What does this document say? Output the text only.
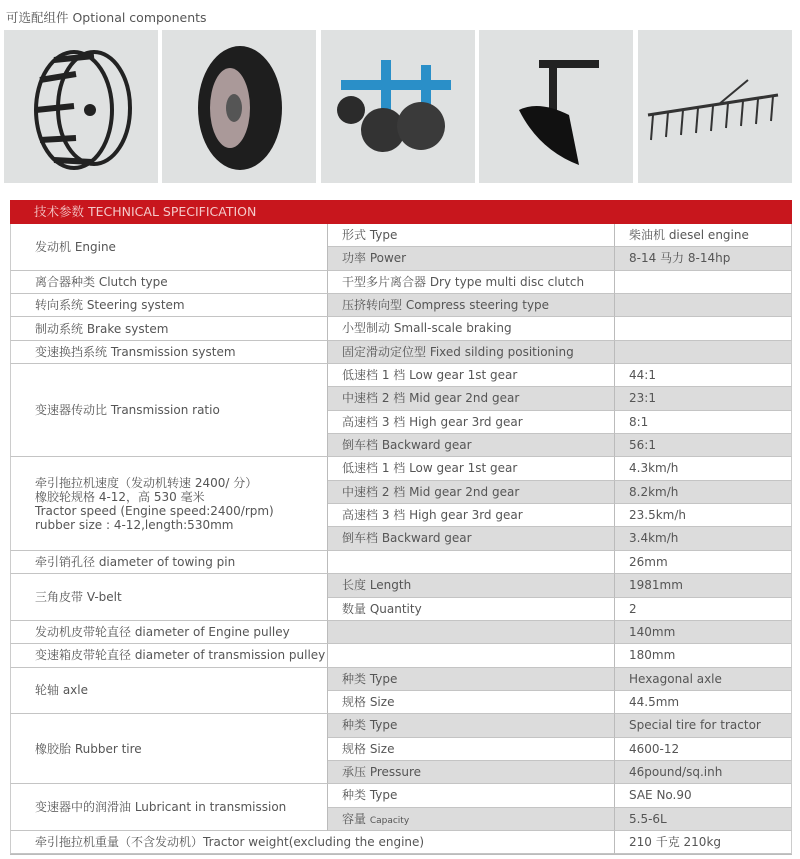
可选配组件 Optional components
技术参数 TECHNICAL SPECIFICATION
发动机 Engine
形式 Type	柴油机 diesel engine
功率 Power	8-14 马力 8-14hp
离合器种类 Clutch type	干型多片离合器 Dry type multi disc clutch
转向系统 Steering system	压挤转向型 Compress steering type
制动系统 Brake system	小型制动 Small-scale braking
变速换挡系统 Transmission system	固定滑动定位型 Fixed silding positioning
变速器传动比 Transmission ratio
低速档 1 档 Low gear 1st gear	44:1
中速档 2 档 Mid gear 2nd gear	23:1
高速档 3 档 High gear 3rd gear	8:1
倒车档 Backward gear	56:1
牵引拖拉机速度（发动机转速 2400/ 分）
橡胶轮规格 4-12，高 530 毫米
Tractor speed (Engine speed:2400/rpm)
rubber size : 4-12,length:530mm
低速档 1 档 Low gear 1st gear	4.3km/h
中速档 2 档 Mid gear 2nd gear	8.2km/h
高速档 3 档 High gear 3rd gear	23.5km/h
倒车档 Backward gear	3.4km/h
牵引销孔径 diameter of towing pin	26mm
三角皮带 V-belt
长度 Length	1981mm
数量 Quantity	2
发动机皮带轮直径 diameter of Engine pulley	140mm
变速箱皮带轮直径 diameter of transmission pulley	180mm
轮轴 axle
种类 Type	Hexagonal axle
规格 Size	44.5mm
橡胶胎 Rubber tire
种类 Type	Special tire for tractor
规格 Size	4600-12
承压 Pressure	46pound/sq.inh
变速器中的润滑油 Lubricant in transmission
种类 Type	SAE No.90
容量 Capacity	5.5-6L
牵引拖拉机重量（不含发动机）Tractor weight(excluding the engine)	210 千克 210kg
